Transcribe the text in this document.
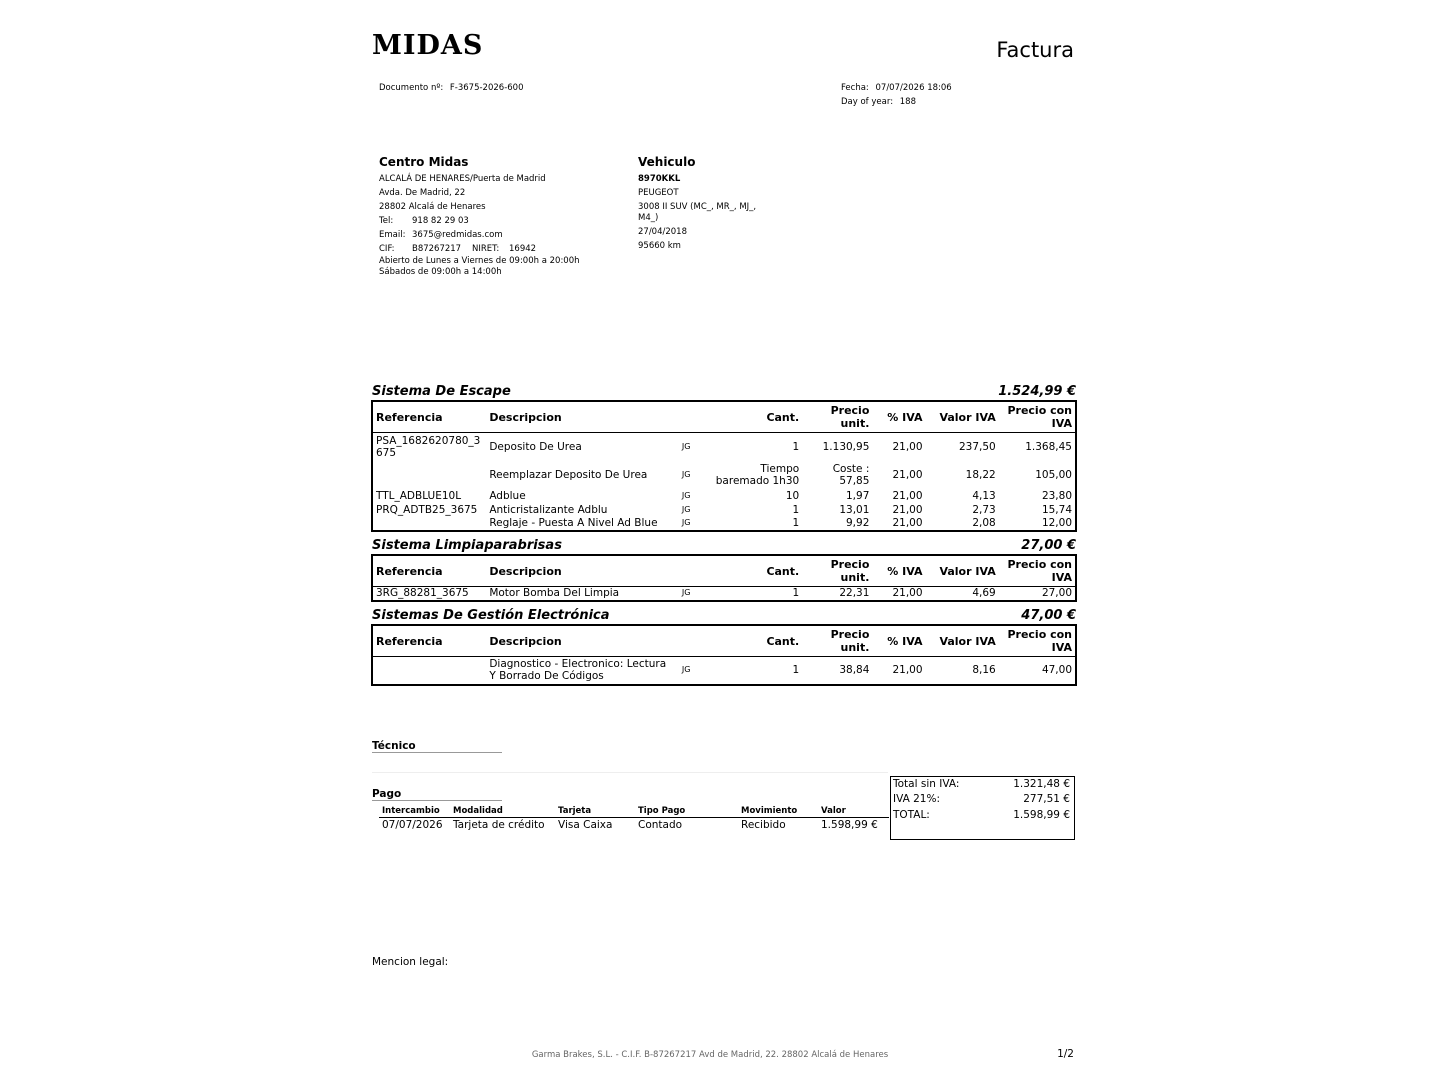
MIDAS	Factura
Documento nº: F-3675-2026-600	Fecha: 07/07/2026 18:06
Day of year: 188
Centro Midas
ALCALÁ DE HENARES/Puerta de Madrid
Avda. De Madrid, 22
28802 Alcalá de Henares
Tel: 918 82 29 03
Email: 3675@redmidas.com
CIF: B87267217 NIRET: 16942
Abierto de Lunes a Viernes de 09:00h a 20:00h
Sábados de 09:00h a 14:00h
Vehiculo
8970KKL
PEUGEOT
3008 II SUV (MC_, MR_, MJ_, M4_)
27/04/2018
95660 km
Sistema De Escape	1.524,99 €
Referencia	Descripcion		Cant.	Precio unit.	% IVA	Valor IVA	Precio con IVA
PSA_1682620780_3675	Deposito De Urea	JG	1	1.130,95	21,00	237,50	1.368,45
	Reemplazar Deposito De Urea	JG	Tiempo baremado 1h30	Coste : 57,85	21,00	18,22	105,00
TTL_ADBLUE10L	Adblue	JG	10	1,97	21,00	4,13	23,80
PRQ_ADTB25_3675	Anticristalizante Adblu	JG	1	13,01	21,00	2,73	15,74
	Reglaje - Puesta A Nivel Ad Blue	JG	1	9,92	21,00	2,08	12,00
Sistema Limpiaparabrisas	27,00 €
Referencia	Descripcion		Cant.	Precio unit.	% IVA	Valor IVA	Precio con IVA
3RG_88281_3675	Motor Bomba Del Limpia	JG	1	22,31	21,00	4,69	27,00
Sistemas De Gestión Electrónica	47,00 €
Referencia	Descripcion		Cant.	Precio unit.	% IVA	Valor IVA	Precio con IVA
	Diagnostico - Electronico: Lectura Y Borrado De Códigos	JG	1	38,84	21,00	8,16	47,00
Técnico
Pago
Intercambio	Modalidad	Tarjeta	Tipo Pago	Movimiento	Valor
07/07/2026	Tarjeta de crédito	Visa Caixa	Contado	Recibido	1.598,99 €
Total sin IVA:	1.321,48 €
IVA 21%:	277,51 €
TOTAL:	1.598,99 €
Mencion legal:
Garma Brakes, S.L. - C.I.F. B-87267217 Avd de Madrid, 22. 28802 Alcalá de Henares	1/2
